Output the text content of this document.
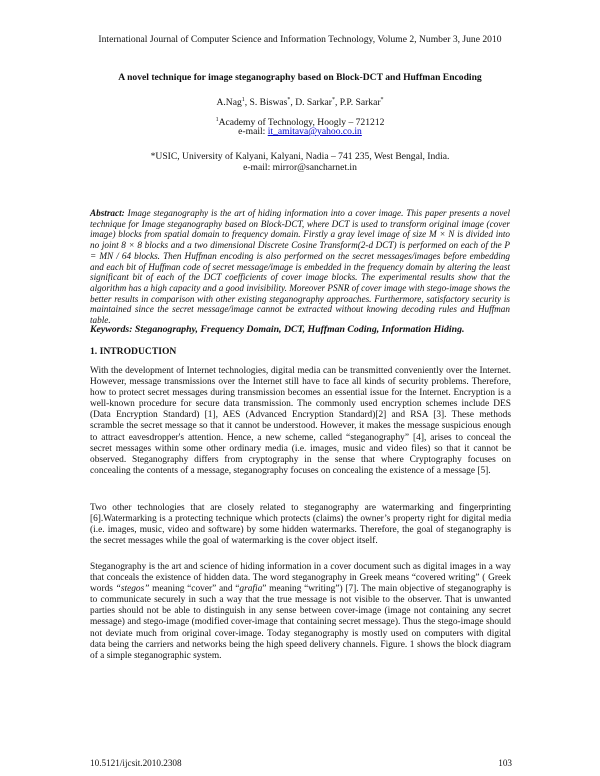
International Journal of Computer Science and Information Technology, Volume 2, Number 3, June 2010
A novel technique for image steganography based on Block-DCT and Huffman Encoding
A.Nag$^1$, S. Biswas*, D. Sarkar*, P.P. Sarkar*
$^1$Academy of Technology, Hoogly – 721212
e-mail: it_amitava@yahoo.co.in
*USIC, University of Kalyani, Kalyani, Nadia – 741 235, West Bengal, India.
e-mail: mirror@sancharnet.in
Abstract: Image steganography is the art of hiding information into a cover image. This paper presents a novel technique for Image steganography based on Block-DCT, where DCT is used to transform original image (cover image) blocks from spatial domain to frequency domain. Firstly a gray level image of size M × N is divided into no joint 8 × 8 blocks and a two dimensional Discrete Cosine Transform(2-d DCT) is performed on each of the P = MN / 64 blocks. Then Huffman encoding is also performed on the secret messages/images before embedding and each bit of Huffman code of secret message/image is embedded in the frequency domain by altering the least significant bit of each of the DCT coefficients of cover image blocks. The experimental results show that the algorithm has a high capacity and a good invisibility. Moreover PSNR of cover image with stego-image shows the better results in comparison with other existing steganography approaches. Furthermore, satisfactory security is maintained since the secret message/image cannot be extracted without knowing decoding rules and Huffman table.
Keywords: Steganography, Frequency Domain, DCT, Huffman Coding, Information Hiding.
1. INTRODUCTION
With the development of Internet technologies, digital media can be transmitted conveniently over the Internet. However, message transmissions over the Internet still have to face all kinds of security problems. Therefore, how to protect secret messages during transmission becomes an essential issue for the Internet. Encryption is a well-known procedure for secure data transmission. The commonly used encryption schemes include DES (Data Encryption Standard) [1], AES (Advanced Encryption Standard)[2] and RSA [3]. These methods scramble the secret message so that it cannot be understood. However, it makes the message suspicious enough to attract eavesdropper's attention. Hence, a new scheme, called “steganography” [4], arises to conceal the secret messages within some other ordinary media (i.e. images, music and video files) so that it cannot be observed. Steganography differs from cryptography in the sense that where Cryptography focuses on concealing the contents of a message, steganography focuses on concealing the existence of a message [5].
Two other technologies that are closely related to steganography are watermarking and fingerprinting [6].Watermarking is a protecting technique which protects (claims) the owner’s property right for digital media (i.e. images, music, video and software) by some hidden watermarks. Therefore, the goal of steganography is the secret messages while the goal of watermarking is the cover object itself.
Steganography is the art and science of hiding information in a cover document such as digital images in a way that conceals the existence of hidden data. The word steganography in Greek means “covered writing” ( Greek words “stegos” meaning “cover” and “grafia” meaning “writing”) [7]. The main objective of steganography is to communicate securely in such a way that the true message is not visible to the observer. That is unwanted parties should not be able to distinguish in any sense between cover-image (image not containing any secret message) and stego-image (modified cover-image that containing secret message). Thus the stego-image should not deviate much from original cover-image. Today steganography is mostly used on computers with digital data being the carriers and networks being the high speed delivery channels. Figure. 1 shows the block diagram of a simple steganographic system.
10.5121/ijcsit.2010.2308	103
